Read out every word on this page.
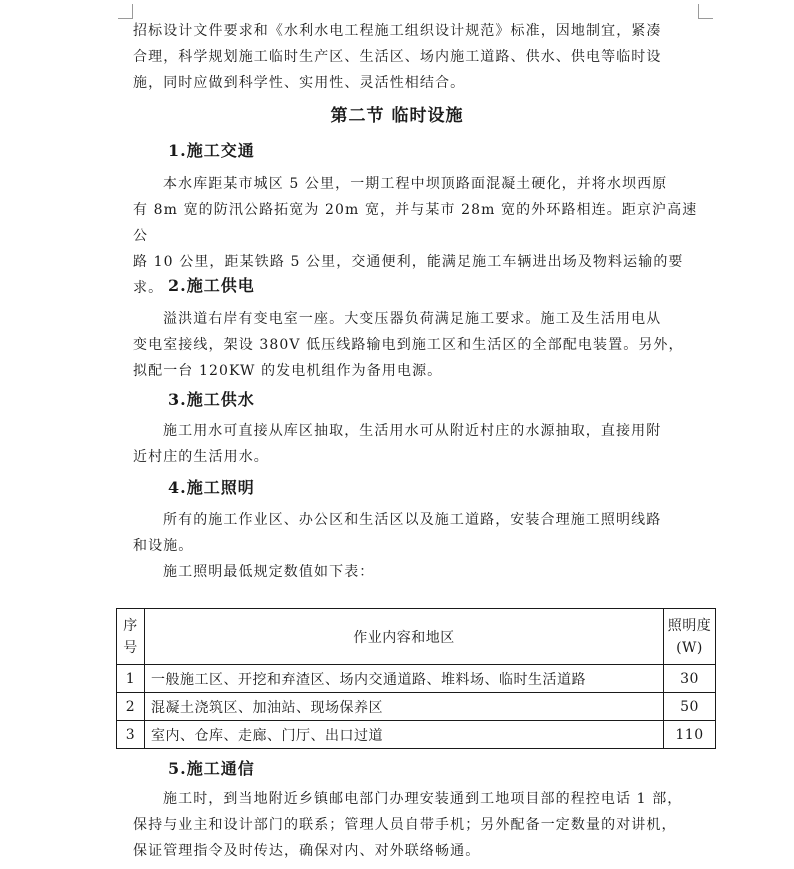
招标设计文件要求和《水利水电工程施工组织设计规范》标准，因地制宜，紧凑

合理，科学规划施工临时生产区、生活区、场内施工道路、供水、供电等临时设

施，同时应做到科学性、实用性、灵活性相结合。

第二节 临时设施
1.施工交通

本水库距某市城区 5 公里，一期工程中坝顶路面混凝土硬化，并将水坝西原

有 8m 宽的防汛公路拓宽为 20m 宽，并与某市 28m 宽的外环路相连。距京沪高速公

路 10 公里，距某铁路 5 公里，交通便利，能满足施工车辆进出场及物料运输的要

求。 2.施工供电

溢洪道右岸有变电室一座。大变压器负荷满足施工要求。施工及生活用电从

变电室接线，架设 380V 低压线路输电到施工区和生活区的全部配电装置。另外，

拟配一台 120KW 的发电机组作为备用电源。

3.施工供水

施工用水可直接从库区抽取，生活用水可从附近村庄的水源抽取，直接用附

近村庄的生活用水。

4.施工照明

所有的施工作业区、办公区和生活区以及施工道路，安装合理施工照明线路

和设施。

施工照明最低规定数值如下表：

序
号	作业内容和地区	照明度
(W)

1	一般施工区、开挖和弃渣区、场内交通道路、堆料场、临时生活道路	30
2	混凝土浇筑区、加油站、现场保养区	50
3	室内、仓库、走廊、门厅、出口过道	110
5.施工通信

施工时，到当地附近乡镇邮电部门办理安装通到工地项目部的程控电话 1 部，

保持与业主和设计部门的联系；管理人员自带手机；另外配备一定数量的对讲机，

保证管理指令及时传达，确保对内、对外联络畅通。
